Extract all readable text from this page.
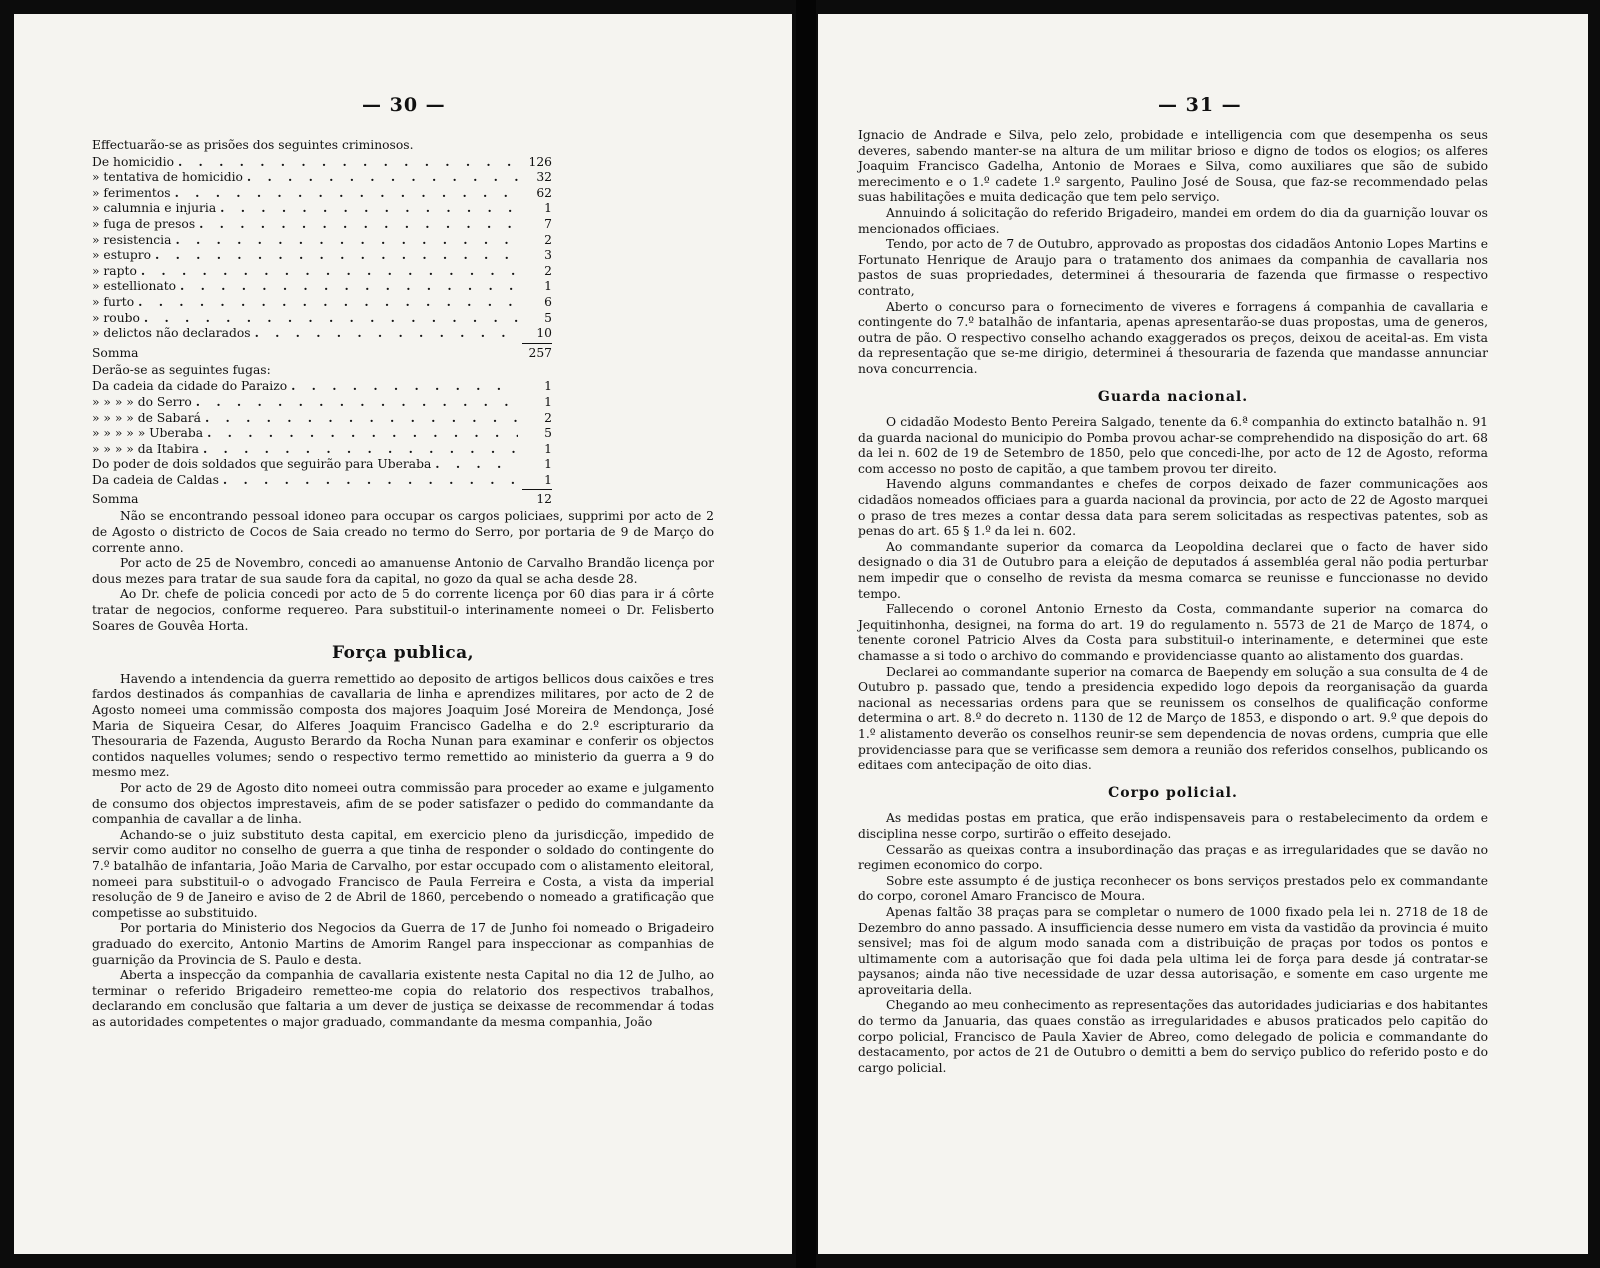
— 30 —

Effectuarão-se as prisões dos seguintes criminosos.

De homicidio . . .	126
» tentativa de homicidio . . .	32
» ferimentos . . .	62
» calumnia e injuria . . .	1
» fuga de presos . . .	7
» resistencia . . .	2
» estupro . . .	3
» rapto . . .	2
» estellionato . . .	1
» furto . . .	6
» roubo . . .	5
» delictos não declarados . . .	10
Somma	257

Derão-se as seguintes fugas:

Da cadeia da cidade do Paraizo . . .	1
» » » » do Serro . . .	1
» » » » de Sabará . . .	2
» » » » » Uberaba . . .	5
» » » » da Itabira . . .	1
Do poder de dois soldados que seguirão para Uberaba . . .	1
Da cadeia de Caldas . . .	1
Somma	12

Não se encontrando pessoal idoneo para occupar os cargos policiaes, supprimi por acto de 2 de Agosto o districto de Cocos de Saia creado no termo do Serro, por portaria de 9 de Março do corrente anno.

Por acto de 25 de Novembro, concedi ao amanuense Antonio de Carvalho Brandão licença por dous mezes para tratar de sua saude fora da capital, no gozo da qual se acha desde 28.

Ao Dr. chefe de policia concedi por acto de 5 do corrente licença por 60 dias para ir á côrte tratar de negocios, conforme requereo. Para substituil-o interinamente nomeei o Dr. Felisberto Soares de Gouvêa Horta.

Força publica,

Havendo a intendencia da guerra remettido ao deposito de artigos bellicos dous caixões e tres fardos destinados ás companhias de cavallaria de linha e aprendizes militares, por acto de 2 de Agosto nomeei uma commissão composta dos majores Joaquim José Moreira de Mendonça, José Maria de Siqueira Cesar, do Alferes Joaquim Francisco Gadelha e do 2.º escripturario da Thesouraria de Fazenda, Augusto Berardo da Rocha Nunan para examinar e conferir os objectos contidos naquelles volumes; sendo o respectivo termo remettido ao ministerio da guerra a 9 do mesmo mez.

Por acto de 29 de Agosto dito nomeei outra commissão para proceder ao exame e julgamento de consumo dos objectos imprestaveis, afim de se poder satisfazer o pedido do commandante da companhia de cavallar a de linha.

Achando-se o juiz substituto desta capital, em exercicio pleno da jurisdicção, impedido de servir como auditor no conselho de guerra a que tinha de responder o soldado do contingente do 7.º batalhão de infantaria, João Maria de Carvalho, por estar occupado com o alistamento eleitoral, nomeei para substituil-o o advogado Francisco de Paula Ferreira e Costa, a vista da imperial resolução de 9 de Janeiro e aviso de 2 de Abril de 1860, percebendo o nomeado a gratificação que competisse ao substituido.

Por portaria do Ministerio dos Negocios da Guerra de 17 de Junho foi nomeado o Brigadeiro graduado do exercito, Antonio Martins de Amorim Rangel para inspeccionar as companhias de guarnição da Provincia de S. Paulo e desta.

Aberta a inspecção da companhia de cavallaria existente nesta Capital no dia 12 de Julho, ao terminar o referido Brigadeiro remetteo-me copia do relatorio dos respectivos trabalhos, declarando em conclusão que faltaria a um dever de justiça se deixasse de recommendar á todas as autoridades competentes o major graduado, commandante da mesma companhia, João

— 31 —

Ignacio de Andrade e Silva, pelo zelo, probidade e intelligencia com que desempenha os seus deveres, sabendo manter-se na altura de um militar brioso e digno de todos os elogios; os alferes Joaquim Francisco Gadelha, Antonio de Moraes e Silva, como auxiliares que são de subido merecimento e o 1.º cadete 1.º sargento, Paulino José de Sousa, que faz-se recommendado pelas suas habilitações e muita dedicação que tem pelo serviço.

Annuindo á solicitação do referido Brigadeiro, mandei em ordem do dia da guarnição louvar os mencionados officiaes.

Tendo, por acto de 7 de Outubro, approvado as propostas dos cidadãos Antonio Lopes Martins e Fortunato Henrique de Araujo para o tratamento dos animaes da companhia de cavallaria nos pastos de suas propriedades, determinei á thesouraria de fazenda que firmasse o respectivo contrato,

Aberto o concurso para o fornecimento de viveres e forragens á companhia de cavallaria e contingente do 7.º batalhão de infantaria, apenas apresentarão-se duas propostas, uma de generos, outra de pão. O respectivo conselho achando exaggerados os preços, deixou de aceital-as. Em vista da representação que se-me dirigio, determinei á thesouraria de fazenda que mandasse annunciar nova concurrencia.

Guarda nacional.

O cidadão Modesto Bento Pereira Salgado, tenente da 6.ª companhia do extincto batalhão n. 91 da guarda nacional do municipio do Pomba provou achar-se comprehendido na disposição do art. 68 da lei n. 602 de 19 de Setembro de 1850, pelo que concedi-lhe, por acto de 12 de Agosto, reforma com accesso no posto de capitão, a que tambem provou ter direito.

Havendo alguns commandantes e chefes de corpos deixado de fazer communicações aos cidadãos nomeados officiaes para a guarda nacional da provincia, por acto de 22 de Agosto marquei o praso de tres mezes a contar dessa data para serem solicitadas as respectivas patentes, sob as penas do art. 65 § 1.º da lei n. 602.

Ao commandante superior da comarca da Leopoldina declarei que o facto de haver sido designado o dia 31 de Outubro para a eleição de deputados á assembléa geral não podia perturbar nem impedir que o conselho de revista da mesma comarca se reunisse e funccionasse no devido tempo.

Fallecendo o coronel Antonio Ernesto da Costa, commandante superior na comarca do Jequitinhonha, designei, na forma do art. 19 do regulamento n. 5573 de 21 de Março de 1874, o tenente coronel Patricio Alves da Costa para substituil-o interinamente, e determinei que este chamasse a si todo o archivo do commando e providenciasse quanto ao alistamento dos guardas.

Declarei ao commandante superior na comarca de Baependy em solução a sua consulta de 4 de Outubro p. passado que, tendo a presidencia expedido logo depois da reorganisação da guarda nacional as necessarias ordens para que se reunissem os conselhos de qualificação conforme determina o art. 8.º do decreto n. 1130 de 12 de Março de 1853, e dispondo o art. 9.º que depois do 1.º alistamento deverão os conselhos reunir-se sem dependencia de novas ordens, cumpria que elle providenciasse para que se verificasse sem demora a reunião dos referidos conselhos, publicando os editaes com antecipação de oito dias.

Corpo policial.

As medidas postas em pratica, que erão indispensaveis para o restabelecimento da ordem e disciplina nesse corpo, surtirão o effeito desejado.

Cessarão as queixas contra a insubordinação das praças e as irregularidades que se davão no regimen economico do corpo.

Sobre este assumpto é de justiça reconhecer os bons serviços prestados pelo ex commandante do corpo, coronel Amaro Francisco de Moura.

Apenas faltão 38 praças para se completar o numero de 1000 fixado pela lei n. 2718 de 18 de Dezembro do anno passado. A insufficiencia desse numero em vista da vastidão da provincia é muito sensivel; mas foi de algum modo sanada com a distribuição de praças por todos os pontos e ultimamente com a autorisação que foi dada pela ultima lei de força para desde já contratar-se paysanos; ainda não tive necessidade de uzar dessa autorisação, e somente em caso urgente me aproveitaria della.

Chegando ao meu conhecimento as representações das autoridades judiciarias e dos habitantes do termo da Januaria, das quaes constão as irregularidades e abusos praticados pelo capitão do corpo policial, Francisco de Paula Xavier de Abreo, como delegado de policia e commandante do destacamento, por actos de 21 de Outubro o demitti a bem do serviço publico do referido posto e do cargo policial.
